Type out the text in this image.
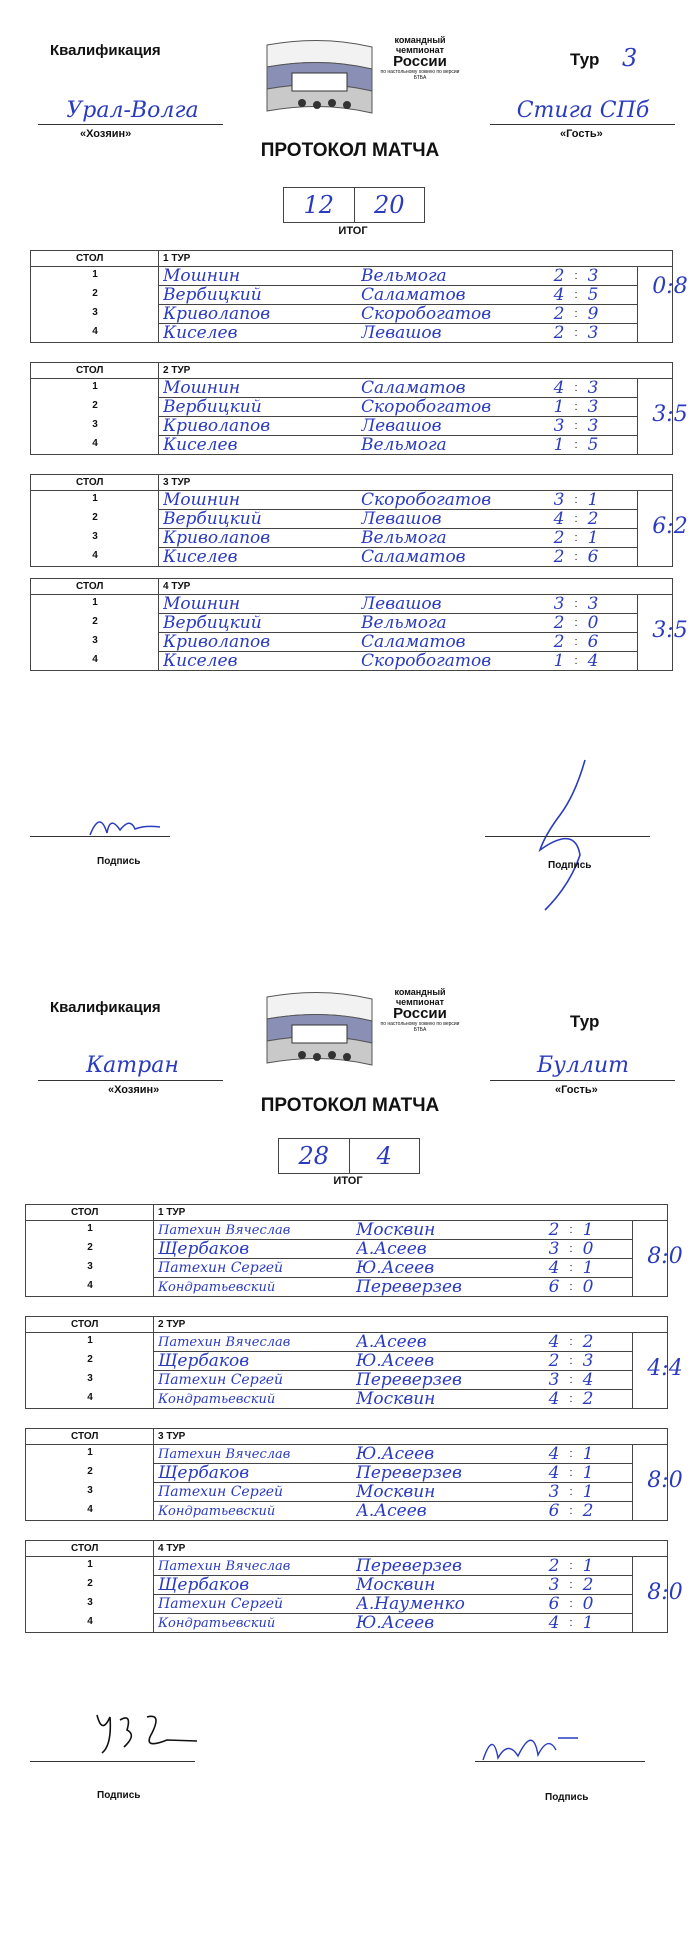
Квалификация
командный
чемпионат
России
по настольному хоккею по версии БТБА
Тур 3
Урал-Волга
«Хозяин»
Стига СПб
«Гость»
ПРОТОКОЛ МАТЧА
12	20
ИТОГ
СТОЛ	1 ТУР
1	Мошнин	Вельмога	2 : 3
2	Вербицкий	Саламатов	4 : 5
3	Криволапов	Скоробогатов	2 : 9
4	Киселев	Левашов	2 : 3
0:8
СТОЛ	2 ТУР
1	Мошнин	Саламатов	4 : 3
2	Вербицкий	Скоробогатов	1 : 3
3	Криволапов	Левашов	3 : 3
4	Киселев	Вельмога	1 : 5
3:5
СТОЛ	3 ТУР
1	Мошнин	Скоробогатов	3 : 1
2	Вербицкий	Левашов	4 : 2
3	Криволапов	Вельмога	2 : 1
4	Киселев	Саламатов	2 : 6
6:2
СТОЛ	4 ТУР
1	Мошнин	Левашов	3 : 3
2	Вербицкий	Вельмога	2 : 0
3	Криволапов	Саламатов	2 : 6
4	Киселев	Скоробогатов	1 : 4
3:5
Подпись	Подпись
Квалификация
командный
чемпионат
России
по настольному хоккею по версии БТБА	Тур
Катран
«Хозяин»
Буллит
«Гость»
ПРОТОКОЛ МАТЧА
28	4
ИТОГ
СТОЛ	1 ТУР
1	Патехин Вячеслав	Москвин	2 : 1
2	Щербаков	А.Асеев	3 : 0
3	Патехин Сергей	Ю.Асеев	4 : 1
4	Кондратьевский	Переверзев	6 : 0
8:0
СТОЛ	2 ТУР
1	Патехин Вячеслав	А.Асеев	4 : 2
2	Щербаков	Ю.Асеев	2 : 3
3	Патехин Сергей	Переверзев	3 : 4
4	Кондратьевский	Москвин	4 : 2
4:4
СТОЛ	3 ТУР
1	Патехин Вячеслав	Ю.Асеев	4 : 1
2	Щербаков	Переверзев	4 : 1
3	Патехин Сергей	Москвин	3 : 1
4	Кондратьевский	А.Асеев	6 : 2
8:0
СТОЛ	4 ТУР
1	Патехин Вячеслав	Переверзев	2 : 1
2	Щербаков	Москвин	3 : 2
3	Патехин Сергей	А.Науменко	6 : 0
4	Кондратьевский	Ю.Асеев	4 : 1
8:0
Подпись	Подпись
